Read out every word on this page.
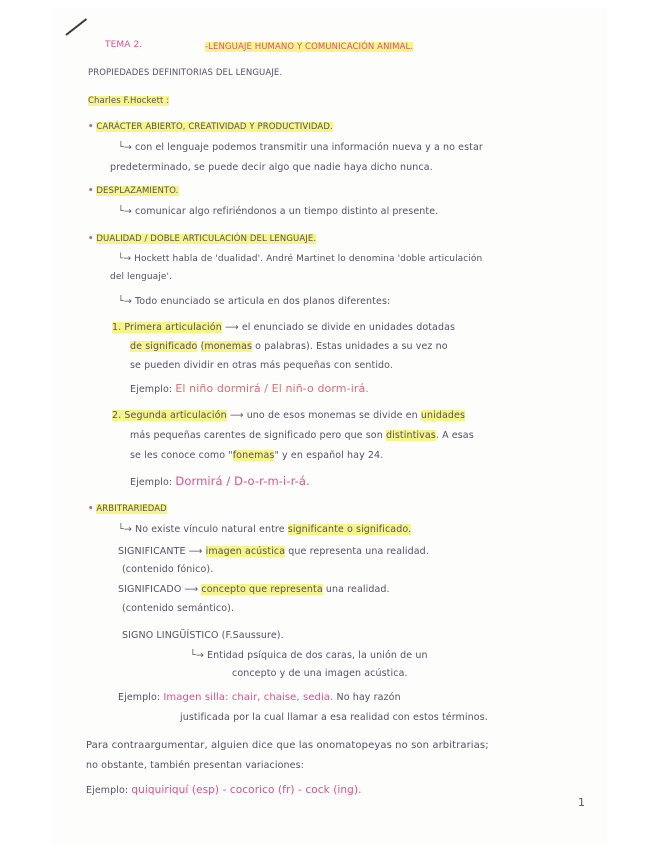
TEMA 2.	-LENGUAJE HUMANO Y COMUNICACIÓN ANIMAL.
PROPIEDADES DEFINITORIAS DEL LENGUAJE.
Charles F.Hockett :
• CARÁCTER ABIERTO, CREATIVIDAD Y PRODUCTIVIDAD.
└→ con el lenguaje podemos transmitir una información nueva y a no estar
predeterminado, se puede decir algo que nadie haya dicho nunca.
• DESPLAZAMIENTO.
└→ comunicar algo refiriéndonos a un tiempo distinto al presente.
• DUALIDAD / DOBLE ARTICULACIÓN DEL LENGUAJE.
└→ Hockett habla de 'dualidad'. André Martinet lo denomina 'doble articulación
del lenguaje'.
└→ Todo enunciado se articula en dos planos diferentes:
1. Primera articulación ⟶ el enunciado se divide en unidades dotadas
de significado (monemas o palabras). Estas unidades a su vez no
se pueden dividir en otras más pequeñas con sentido.
Ejemplo: El niño dormirá / El niñ-o dorm-irá.
2. Segunda articulación ⟶ uno de esos monemas se divide en unidades
más pequeñas carentes de significado pero que son distintivas. A esas
se les conoce como "fonemas" y en español hay 24.
Ejemplo: Dormirá / D-o-r-m-i-r-á.
• ARBITRARIEDAD
└→ No existe vínculo natural entre significante o significado.
SIGNIFICANTE ⟶ imagen acústica que representa una realidad.
(contenido fónico).
SIGNIFICADO ⟶ concepto que representa una realidad.
(contenido semántico).
SIGNO LINGÜÍSTICO (F.Saussure).
└→ Entidad psíquica de dos caras, la unión de un
concepto y de una imagen acústica.
Ejemplo: Imagen silla: chair, chaise, sedia. No hay razón
justificada por la cual llamar a esa realidad con estos términos.
Para contraargumentar, alguien dice que las onomatopeyas no son arbitrarias;
no obstante, también presentan variaciones:
Ejemplo: quiquiriquí (esp) - cocorico (fr) - cock (ing).
1
